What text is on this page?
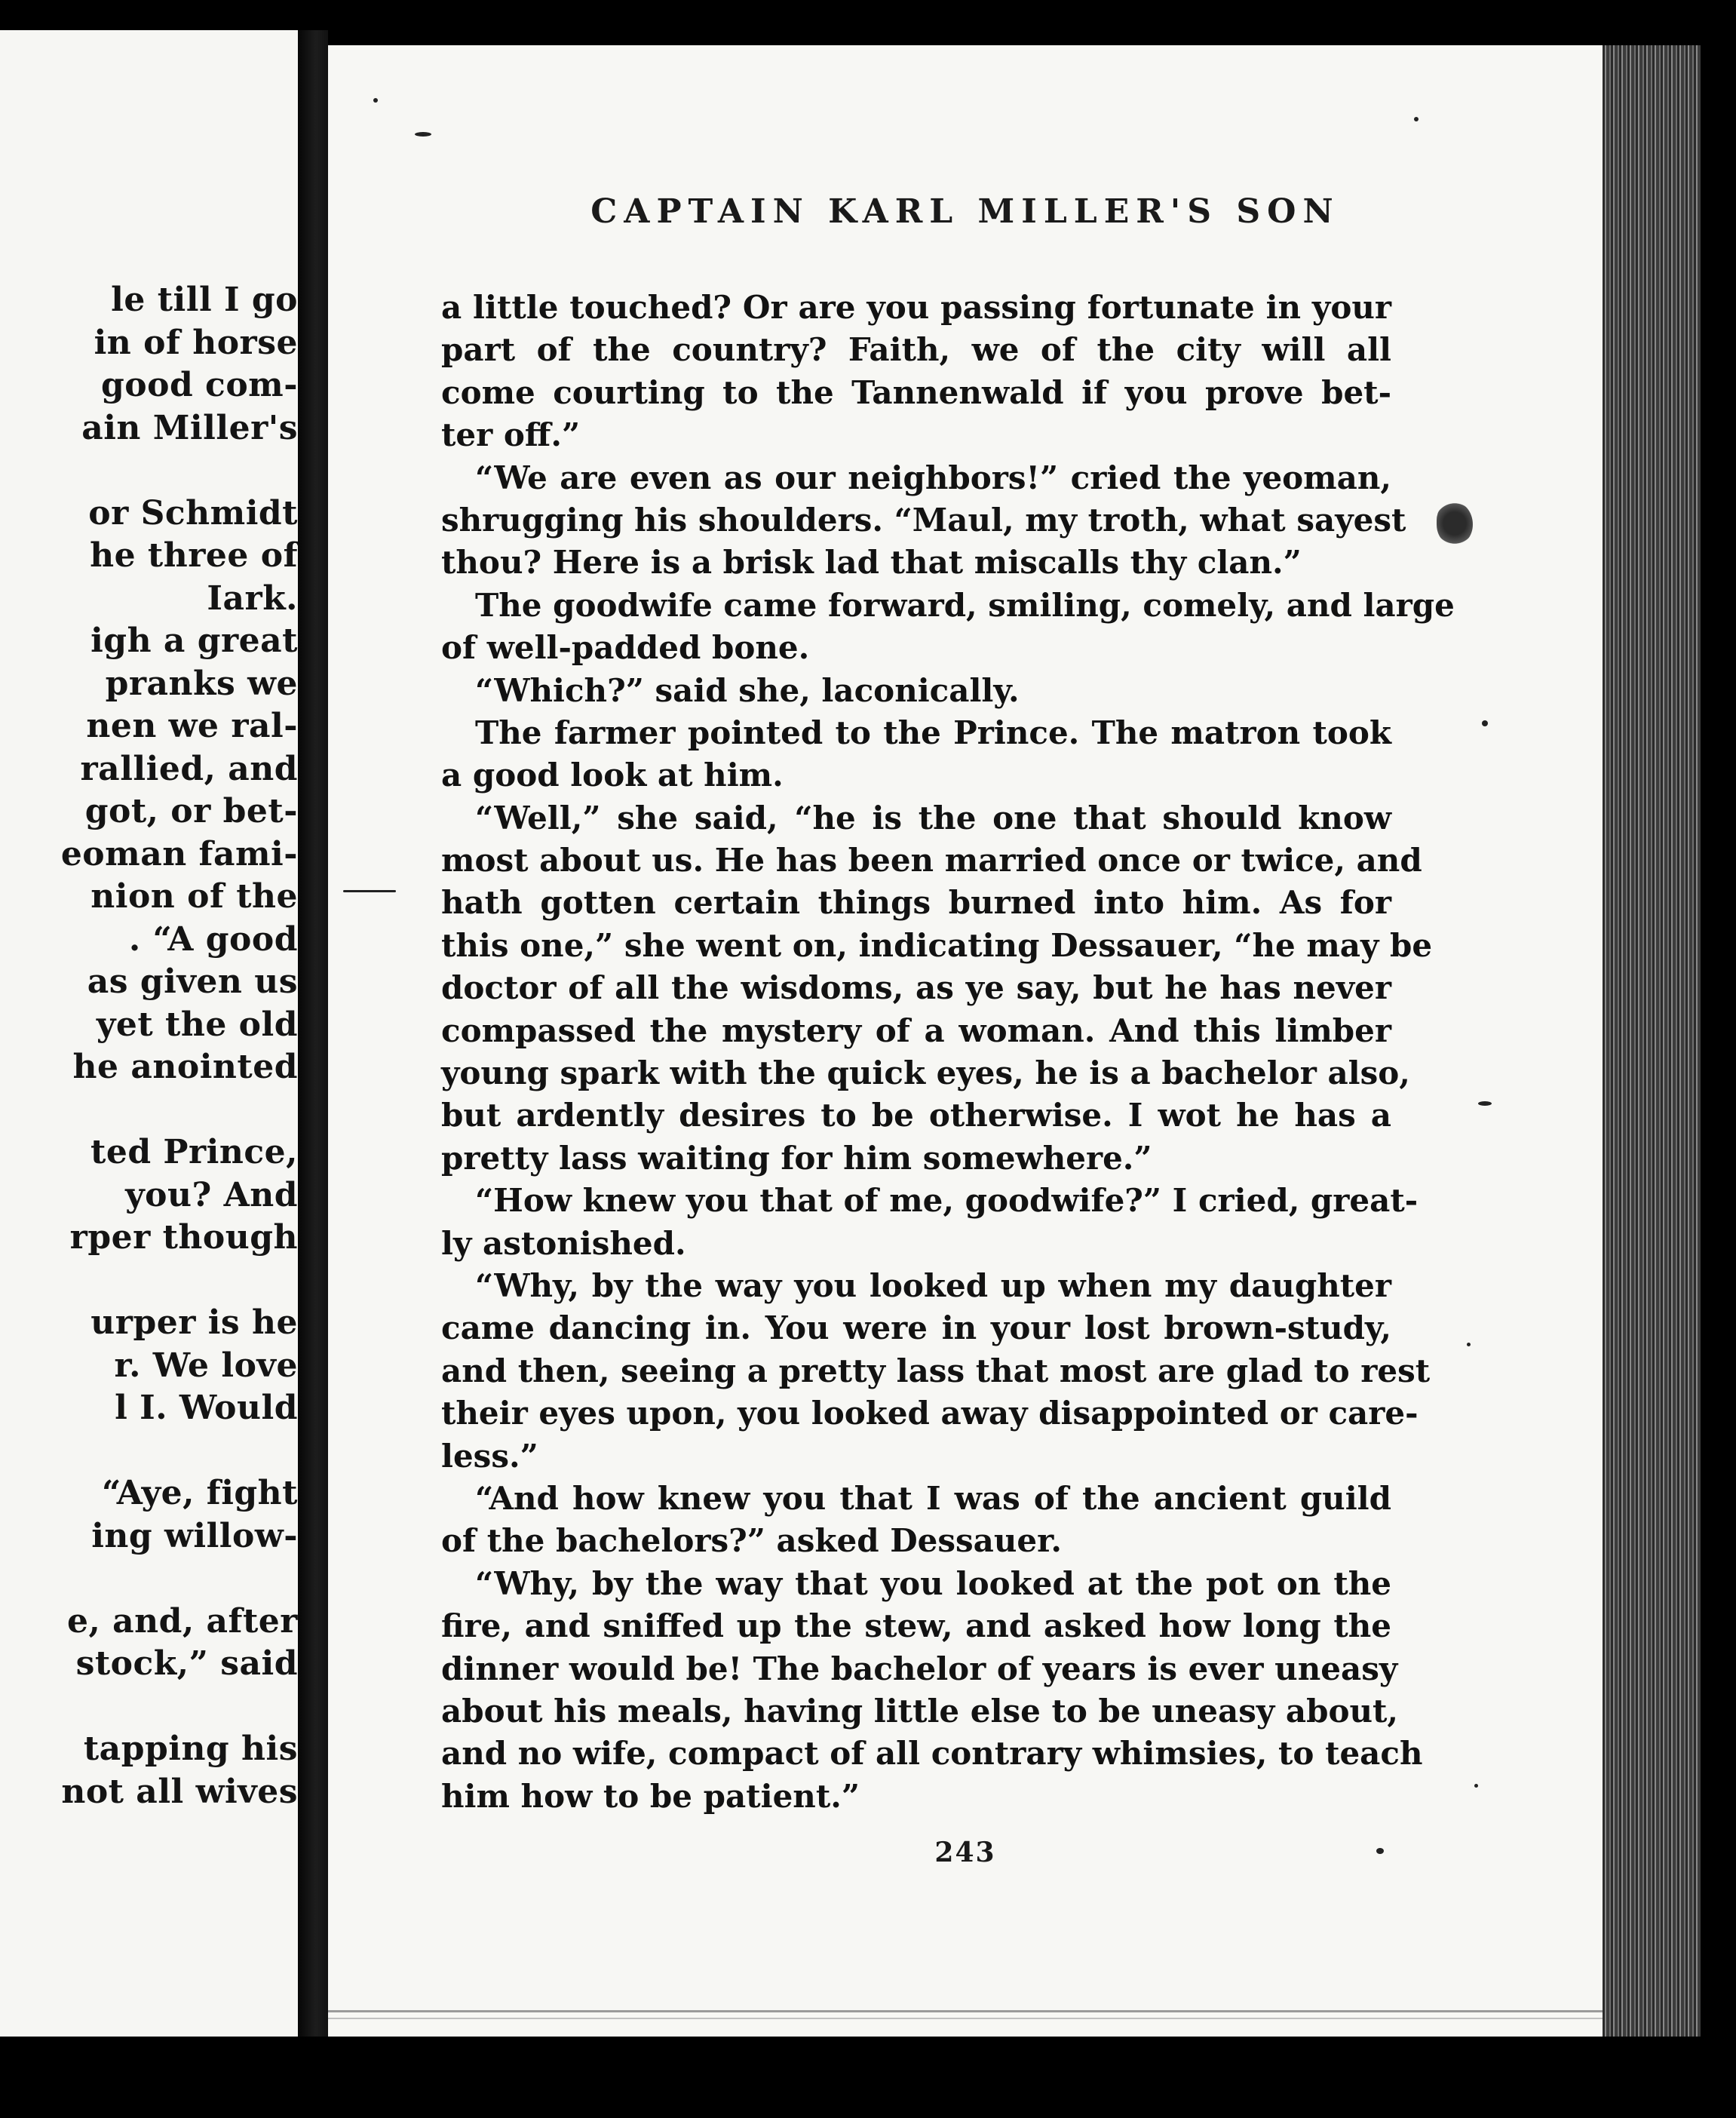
le till I go
in of horse
good com-
ain Miller's
or Schmidt
he three of
Iark.
igh a great
pranks we
nen we ral-
rallied, and
got, or bet-
eoman fami-
nion of the
. “A good
as given us
yet the old
he anointed
ted Prince,
you? And
rper though
urper is he
r. We love
l I. Would
“Aye, fight
ing willow-
e, and, after
stock,” said
tapping his
not all wives
CAPTAIN KARL MILLER'S SON
a little touched? Or are you passing fortunate in your
part of the country? Faith, we of the city will all
come courting to the Tannenwald if you prove bet-
ter off.”
“We are even as our neighbors!” cried the yeoman,
shrugging his shoulders. “Maul, my troth, what sayest
thou? Here is a brisk lad that miscalls thy clan.”
The goodwife came forward, smiling, comely, and large
of well-padded bone.
“Which?” said she, laconically.
The farmer pointed to the Prince. The matron took
a good look at him.
“Well,” she said, “he is the one that should know
most about us. He has been married once or twice, and
hath gotten certain things burned into him. As for
this one,” she went on, indicating Dessauer, “he may be
doctor of all the wisdoms, as ye say, but he has never
compassed the mystery of a woman. And this limber
young spark with the quick eyes, he is a bachelor also,
but ardently desires to be otherwise. I wot he has a
pretty lass waiting for him somewhere.”
“How knew you that of me, goodwife?” I cried, great-
ly astonished.
“Why, by the way you looked up when my daughter
came dancing in. You were in your lost brown-study,
and then, seeing a pretty lass that most are glad to rest
their eyes upon, you looked away disappointed or care-
less.”
“And how knew you that I was of the ancient guild
of the bachelors?” asked Dessauer.
“Why, by the way that you looked at the pot on the
fire, and sniffed up the stew, and asked how long the
dinner would be! The bachelor of years is ever uneasy
about his meals, having little else to be uneasy about,
and no wife, compact of all contrary whimsies, to teach
him how to be patient.”
243
